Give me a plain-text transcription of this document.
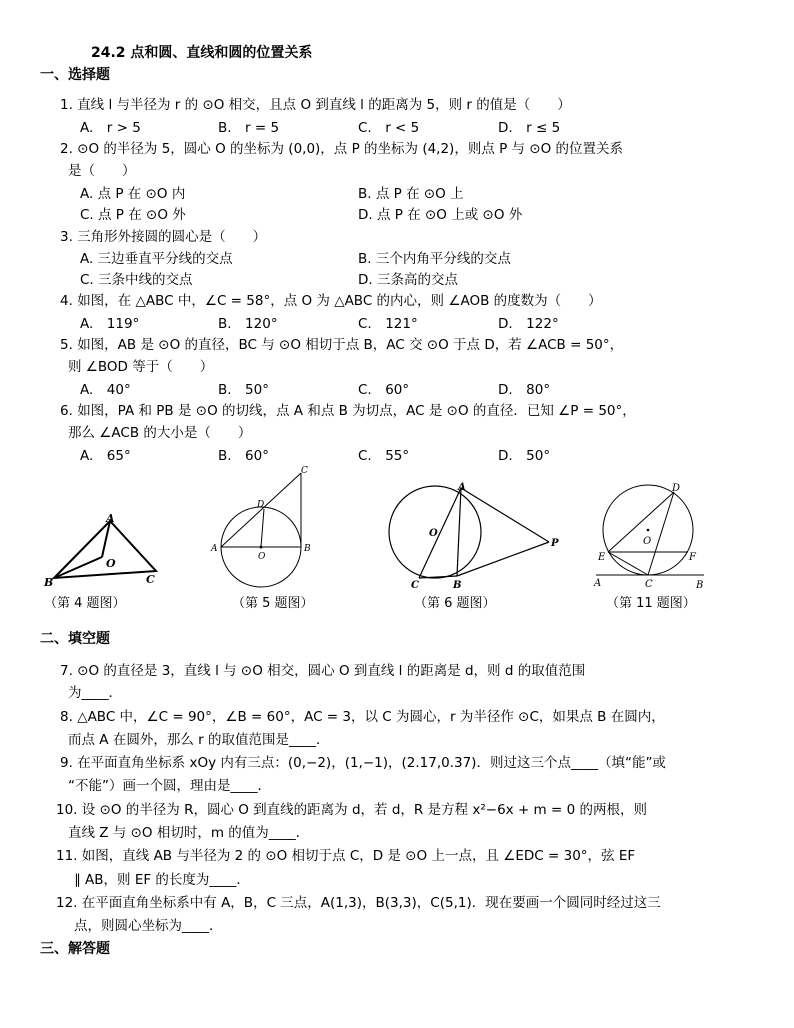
24.2 点和圆、直线和圆的位置关系
一、选择题
1. 直线 l 与半径为 r 的 ⊙O 相交，且点 O 到直线 l 的距离为 5，则 r 的值是（　　）
A.　r > 5	B.　r = 5	C.　r < 5	D.　r ≤ 5
2. ⊙O 的半径为 5，圆心 O 的坐标为 (0,0)，点 P 的坐标为 (4,2)，则点 P 与 ⊙O 的位置关系
是（　　）
A. 点 P 在 ⊙O 内	B. 点 P 在 ⊙O 上
C. 点 P 在 ⊙O 外	D. 点 P 在 ⊙O 上或 ⊙O 外
3. 三角形外接圆的圆心是（　　）
A. 三边垂直平分线的交点	B. 三个内角平分线的交点
C. 三条中线的交点	D. 三条高的交点
4. 如图，在 △ABC 中，∠C = 58°，点 O 为 △ABC 的内心，则 ∠AOB 的度数为（　　）
A.　119°	B.　120°	C.　121°	D.　122°
5. 如图，AB 是 ⊙O 的直径，BC 与 ⊙O 相切于点 B，AC 交 ⊙O 于点 D，若 ∠ACB = 50°，
则 ∠BOD 等于（　　）
A.　40°	B.　50°	C.　60°	D.　80°
6. 如图，PA 和 PB 是 ⊙O 的切线，点 A 和点 B 为切点，AC 是 ⊙O 的直径．已知 ∠P = 50°，
那么 ∠ACB 的大小是（　　）
A.　65°	B.　60°	C.　55°	D.　50°
A
B	C
O
（第 4 题图）
A	B
C
D
O
（第 5 题图）
A
B
C
O
P
（第 6 题图）
A	B
C
D
E	F
O
（第 11 题图）
二、填空题
7. ⊙O 的直径是 3，直线 l 与 ⊙O 相交，圆心 O 到直线 l 的距离是 d，则 d 的取值范围
为____．
8. △ABC 中，∠C = 90°，∠B = 60°，AC = 3，以 C 为圆心，r 为半径作 ⊙C，如果点 B 在圆内，
而点 A 在圆外，那么 r 的取值范围是____．
9. 在平面直角坐标系 xOy 内有三点：(0,−2)，(1,−1)，(2.17,0.37)．则过这三个点____（填“能”或
“不能”）画一个圆，理由是____．
10. 设 ⊙O 的半径为 R，圆心 O 到直线的距离为 d，若 d，R 是方程 x²−6x + m = 0 的两根，则
直线 Z 与 ⊙O 相切时，m 的值为____．
11. 如图，直线 AB 与半径为 2 的 ⊙O 相切于点 C，D 是 ⊙O 上一点，且 ∠EDC = 30°，弦 EF
∥ AB，则 EF 的长度为____．
12. 在平面直角坐标系中有 A，B，C 三点，A(1,3)，B(3,3)，C(5,1)．现在要画一个圆同时经过这三
点，则圆心坐标为____．
三、解答题
